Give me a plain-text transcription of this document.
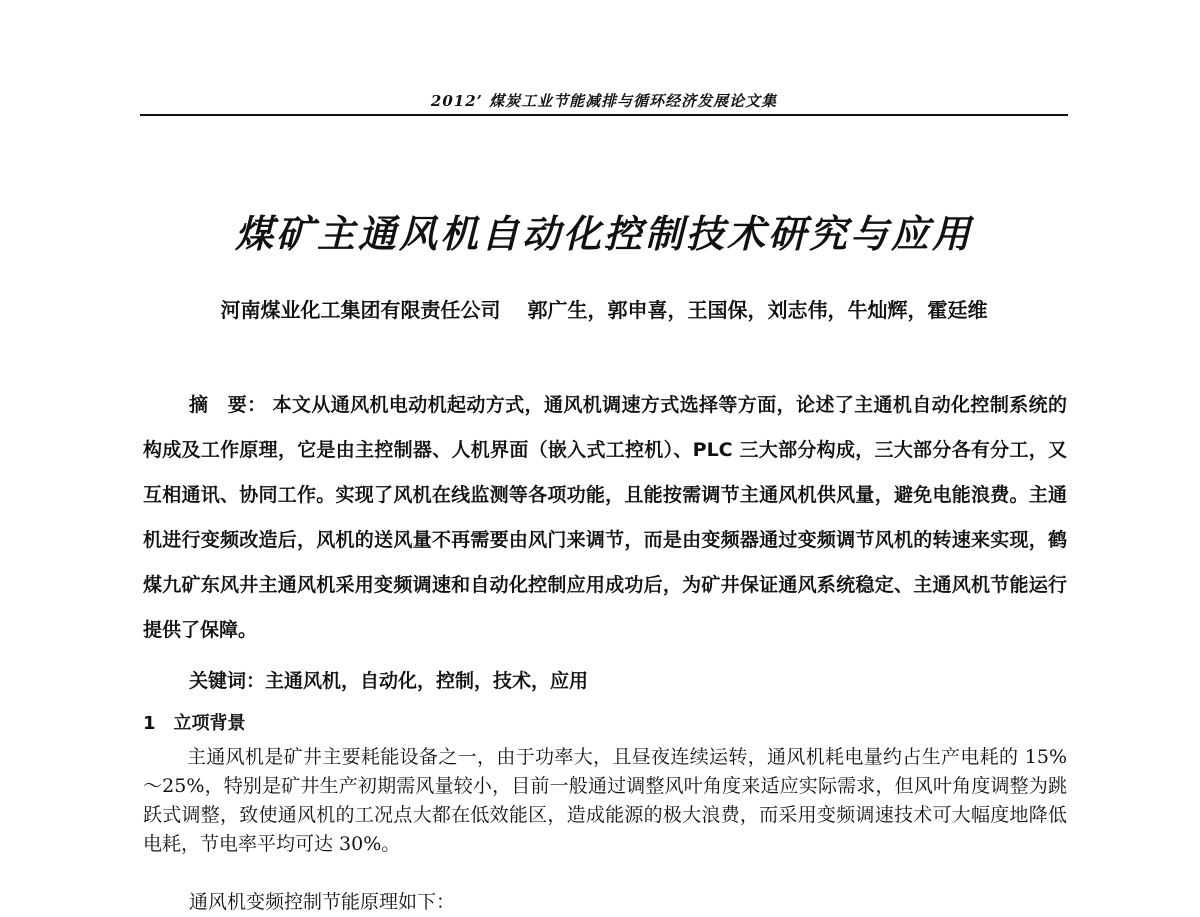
2012’ 煤炭工业节能减排与循环经济发展论文集
煤矿主通风机自动化控制技术研究与应用
河南煤业化工集团有限责任公司 郭广生，郭申喜，王国保，刘志伟，牛灿辉，霍廷维
摘　要： 本文从通风机电动机起动方式，通风机调速方式选择等方面，论述了主通机自动化控制系统的构成及工作原理，它是由主控制器、人机界面（嵌入式工控机）、PLC 三大部分构成，三大部分各有分工，又互相通讯、协同工作。实现了风机在线监测等各项功能，且能按需调节主通风机供风量，避免电能浪费。主通机进行变频改造后，风机的送风量不再需要由风门来调节，而是由变频器通过变频调节风机的转速来实现，鹤煤九矿东风井主通风机采用变频调速和自动化控制应用成功后，为矿井保证通风系统稳定、主通风机节能运行提供了保障。
关键词：主通风机，自动化，控制，技术，应用
1 立项背景
主通风机是矿井主要耗能设备之一，由于功率大，且昼夜连续运转，通风机耗电量约占生产电耗的 15%～25%，特别是矿井生产初期需风量较小，目前一般通过调整风叶角度来适应实际需求，但风叶角度调整为跳跃式调整，致使通风机的工况点大都在低效能区，造成能源的极大浪费，而采用变频调速技术可大幅度地降低电耗，节电率平均可达 30%。
通风机变频控制节能原理如下：
